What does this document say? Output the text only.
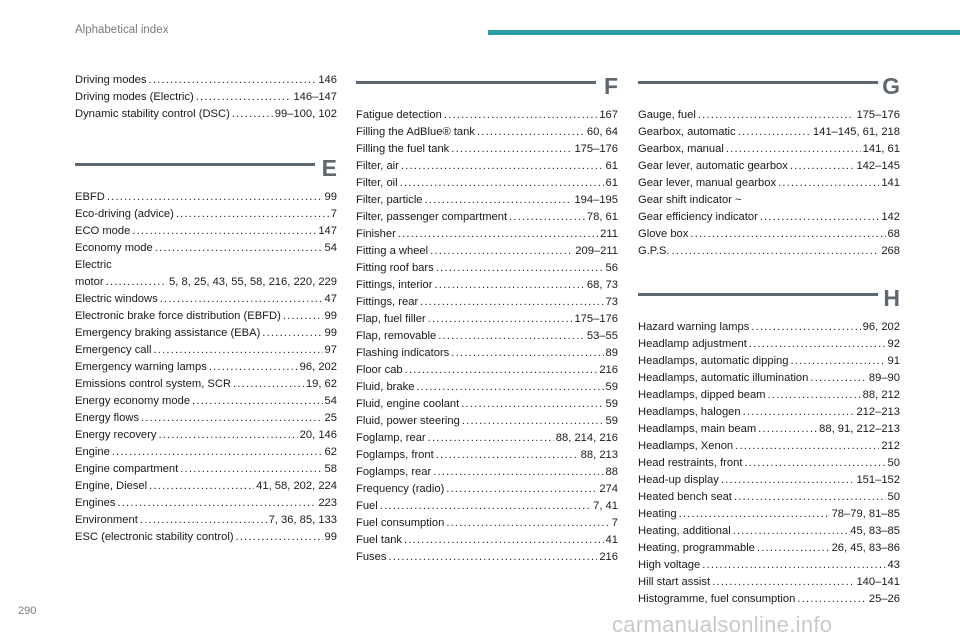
Alphabetical index
Driving modes .....	146
Driving modes (Electric) .....	146–147
Dynamic stability control (DSC) .....	99–100, 102
E
EBFD .....	99
Eco-driving (advice) .....	7
ECO mode .....	147
Economy mode .....	54
Electric
motor .....	5, 8, 25, 43, 55, 58, 216, 220, 229
Electric windows .....	47
Electronic brake force distribution (EBFD) .....	99
Emergency braking assistance (EBA) .....	99
Emergency call .....	97
Emergency warning lamps .....	96, 202
Emissions control system, SCR .....	19, 62
Energy economy mode .....	54
Energy flows .....	25
Energy recovery .....	20, 146
Engine .....	62
Engine compartment .....	58
Engine, Diesel .....	41, 58, 202, 224
Engines .....	223
Environment .....	7, 36, 85, 133
ESC (electronic stability control) .....	99
F
Fatigue detection .....	167
Filling the AdBlue® tank .....	60, 64
Filling the fuel tank .....	175–176
Filter, air .....	61
Filter, oil .....	61
Filter, particle .....	194–195
Filter, passenger compartment .....	78, 61
Finisher .....	211
Fitting a wheel .....	209–211
Fitting roof bars .....	56
Fittings, interior .....	68, 73
Fittings, rear .....	73
Flap, fuel filler .....	175–176
Flap, removable .....	53–55
Flashing indicators .....	89
Floor cab .....	216
Fluid, brake .....	59
Fluid, engine coolant .....	59
Fluid, power steering .....	59
Foglamp, rear .....	88, 214, 216
Foglamps, front .....	88, 213
Foglamps, rear .....	88
Frequency (radio) .....	274
Fuel .....	7, 41
Fuel consumption .....	7
Fuel tank .....	41
Fuses .....	216
G
Gauge, fuel .....	175–176
Gearbox, automatic .....	141–145, 61, 218
Gearbox, manual .....	141, 61
Gear lever, automatic gearbox .....	142–145
Gear lever, manual gearbox .....	141
Gear shift indicator ~
Gear efficiency indicator .....	142
Glove box .....	68
G.P.S. .....	268
H
Hazard warning lamps .....	96, 202
Headlamp adjustment .....	92
Headlamps, automatic dipping .....	91
Headlamps, automatic illumination .....	89–90
Headlamps, dipped beam .....	88, 212
Headlamps, halogen .....	212–213
Headlamps, main beam .....	88, 91, 212–213
Headlamps, Xenon .....	212
Head restraints, front .....	50
Head-up display .....	151–152
Heated bench seat .....	50
Heating .....	78–79, 81–85
Heating, additional .....	45, 83–85
Heating, programmable .....	26, 45, 83–86
High voltage .....	43
Hill start assist .....	140–141
Histogramme, fuel consumption .....	25–26
290
carmanualsonline.info
